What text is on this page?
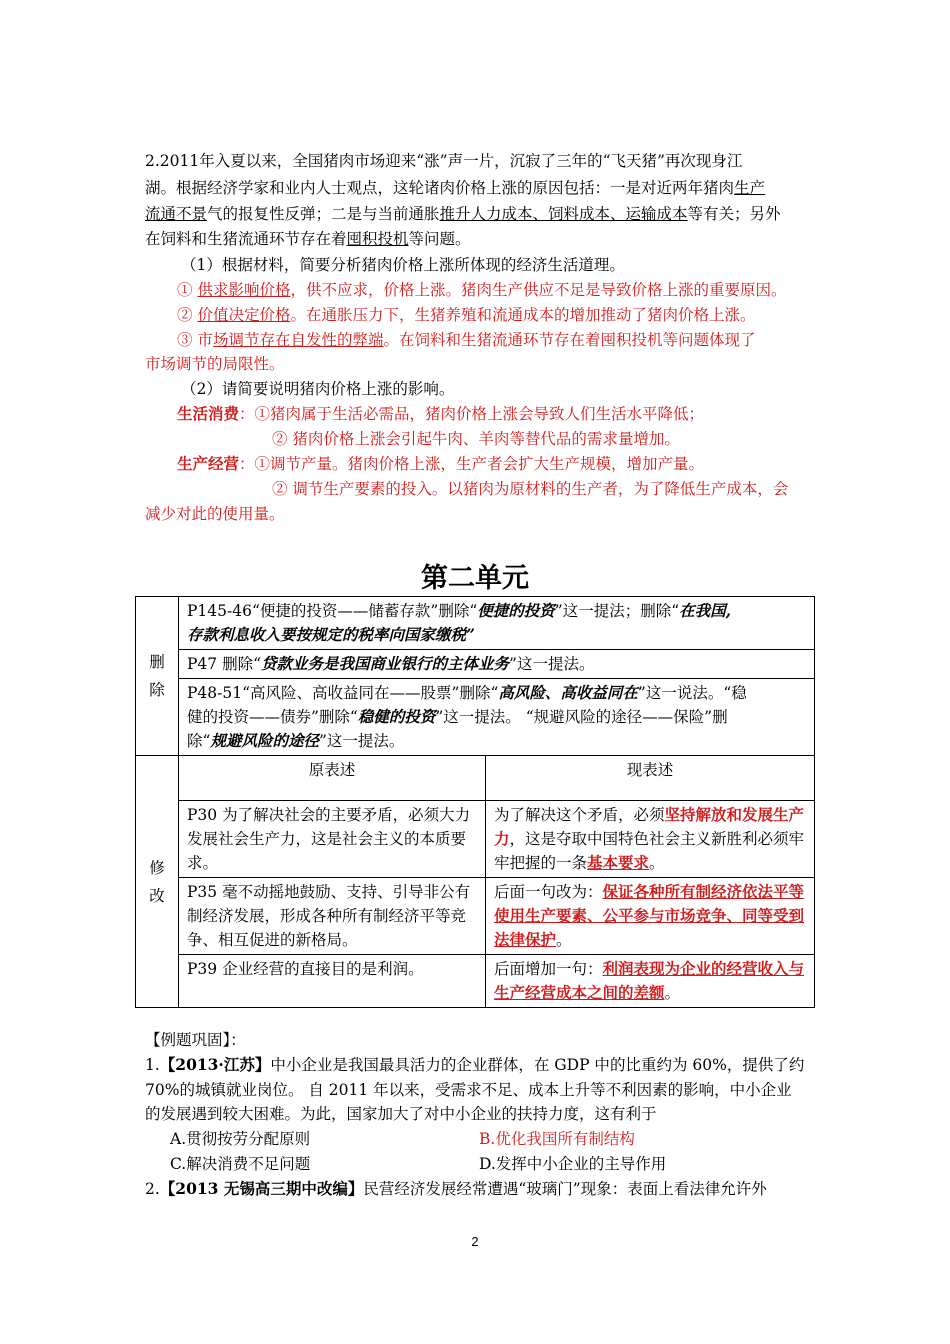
2.2011年入夏以来，全国猪肉市场迎来“涨”声一片，沉寂了三年的“飞天猪”再次现身江
湖。根据经济学家和业内人士观点，这轮诸肉价格上涨的原因包括：一是对近两年猪肉生产
流通不景气的报复性反弹；二是与当前通胀推升人力成本、饲料成本、运输成本等有关；另外
在饲料和生猪流通环节存在着囤积投机等问题。
（1）根据材料，简要分析猪肉价格上涨所体现的经济生活道理。
① 供求影响价格，供不应求，价格上涨。猪肉生产供应不足是导致价格上涨的重要原因。
② 价值决定价格。在通胀压力下，生猪养殖和流通成本的增加推动了猪肉价格上涨。
③ 市场调节存在自发性的弊端。在饲料和生猪流通环节存在着囤积投机等问题体现了
市场调节的局限性。
（2）请简要说明猪肉价格上涨的影响。
生活消费：①猪肉属于生活必需品，猪肉价格上涨会导致人们生活水平降低；
② 猪肉价格上涨会引起牛肉、羊肉等替代品的需求量增加。
生产经营：①调节产量。猪肉价格上涨，生产者会扩大生产规模，增加产量。
② 调节生产要素的投入。以猪肉为原材料的生产者，为了降低生产成本，会
减少对此的使用量。
第二单元
删除	P145-46“便捷的投资——储蓄存款”删除“便捷的投资”这一提法；删除“在我国,
存款利息收入要按规定的税率向国家缴税”	
	P47 删除“贷款业务是我国商业银行的主体业务”这一提法。	
	P48-51“高风险、高收益同在——股票”删除“高风险、高收益同在”这一说法。“稳
健的投资——债券”删除“稳健的投资”这一提法。 “规避风险的途径——保险”删
除“规避风险的途径”这一提法。	
修改	原表述	现表述
	P30 为了解决社会的主要矛盾，必须大力发展社会生产力，这是社会主义的本质要求。	为了解决这个矛盾，必须坚持解放和发展生产力，这是夺取中国特色社会主义新胜利必须牢牢把握的一条基本要求。
	P35 毫不动摇地鼓励、支持、引导非公有制经济发展，形成各种所有制经济平等竞争、相互促进的新格局。	后面一句改为：保证各种所有制经济依法平等使用生产要素、公平参与市场竞争、同等受到法律保护。
	P39 企业经营的直接目的是利润。	后面增加一句：利润表现为企业的经营收入与生产经营成本之间的差额。
【例题巩固】：
1.【2013·江苏】中小企业是我国最具活力的企业群体，在 GDP 中的比重约为 60%，提供了约
70%的城镇就业岗位。 自 2011 年以来，受需求不足、成本上升等不利因素的影响，中小企业
的发展遇到较大困难。为此，国家加大了对中小企业的扶持力度，这有利于
A.贯彻按劳分配原则	B.优化我国所有制结构
C.解决消费不足问题	D.发挥中小企业的主导作用
2.【2013 无锡高三期中改编】民营经济发展经常遭遇“玻璃门”现象：表面上看法律允许外
2
